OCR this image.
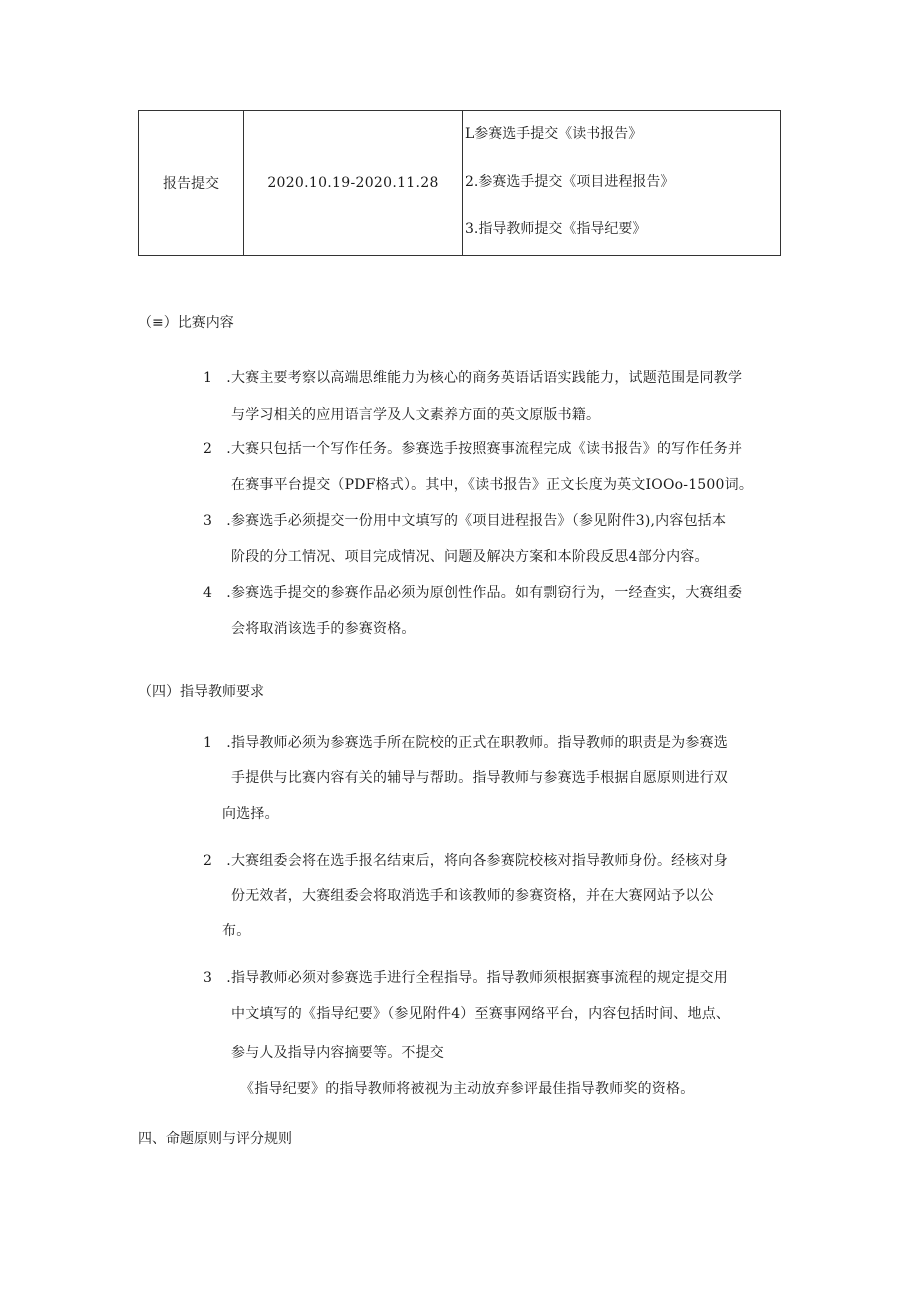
报告提交	2020.10.19-2020.11.28	
L参赛选手提交《读书报告》
2.参赛选手提交《项目进程报告》
3.指导教师提交《指导纪要》
（≡）比赛内容
1　.大赛主要考察以高端思维能力为核心的商务英语话语实践能力，试题范围是同教学
与学习相关的应用语言学及人文素养方面的英文原版书籍。
2　.大赛只包括一个写作任务。参赛选手按照赛事流程完成《读书报告》的写作任务并
在赛事平台提交（PDF格式）。其中，《读书报告》正文长度为英文IOOo-1500词。
3　.参赛选手必须提交一份用中文填写的《项目进程报告》（参见附件3),内容包括本
阶段的分工情况、项目完成情况、问题及解决方案和本阶段反思4部分内容。
4　.参赛选手提交的参赛作品必须为原创性作品。如有剽窃行为，一经查实，大赛组委
会将取消该选手的参赛资格。
（四）指导教师要求
1　.指导教师必须为参赛选手所在院校的正式在职教师。指导教师的职责是为参赛选
手提供与比赛内容有关的辅导与帮助。指导教师与参赛选手根据自愿原则进行双
向选择。
2　.大赛组委会将在选手报名结束后，将向各参赛院校核对指导教师身份。经核对身
份无效者，大赛组委会将取消选手和该教师的参赛资格，并在大赛网站予以公
布。
3　.指导教师必须对参赛选手进行全程指导。指导教师须根据赛事流程的规定提交用
中文填写的《指导纪要》（参见附件4）至赛事网络平台，内容包括时间、地点、
参与人及指导内容摘要等。不提交
《指导纪要》的指导教师将被视为主动放弃参评最佳指导教师奖的资格。
四、命题原则与评分规则
